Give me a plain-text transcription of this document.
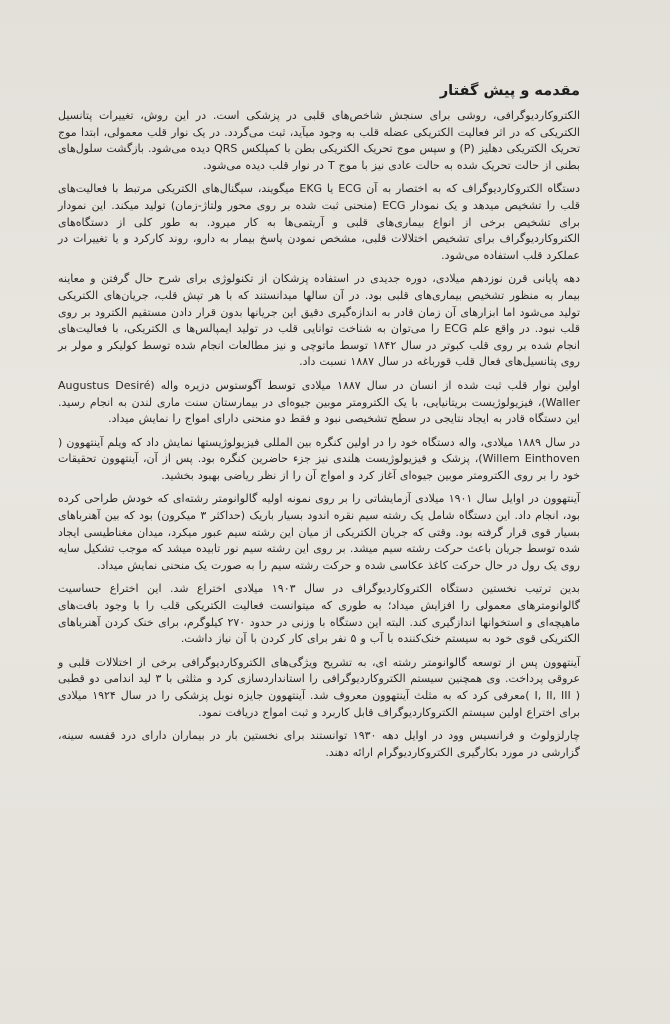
مقدمه و پیش گفتار

الکتروکاردیوگرافی، روشی برای سنجش شاخص‌های قلبی در پزشکی است. در این روش، تغییرات پتانسیل الکتریکی که در اثر فعالیت الکتریکی عضله قلب به وجود میآید، ثبت می‌گردد. در یک نوار قلب معمولی، ابتدا موج تحریک الکتریکی دهلیز (P) و سپس موج تحریک الکتریکی بطن با کمپلکس QRS دیده می‌شود. بازگشت سلول‌های بطنی از حالت تحریک شده به حالت عادی نیز با موج T در نوار قلب دیده می‌شود.

دستگاه الکتروکاردیوگراف که به اختصار به آن ECG یا EKG میگویند، سیگنال‌های الکتریکی مرتبط با فعالیت‌های قلب را تشخیص میدهد و یک نمودار ECG (منحنی ثبت شده بر روی محور ولتاژ-زمان) تولید میکند. این نمودار برای تشخیص برخی از انواع بیماری‌های قلبی و آریتمی‌ها به کار میرود. به طور کلی از دستگاه‌های الکتروکاردیوگراف برای تشخیص اختلالات قلبی، مشخص نمودن پاسخ بیمار به دارو، روند کارکرد و یا تغییرات در عملکرد قلب استفاده می‌شود.

دهه پایانی قرن نوزدهم میلادی، دوره جدیدی در استفاده پزشکان از تکنولوژی برای شرح حال گرفتن و معاینه بیمار به منظور تشخیص بیماری‌های قلبی بود. در آن سالها میدانستند که با هر تپش قلب، جریان‌های الکتریکی تولید می‌شود اما ابزارهای آن زمان قادر به اندازه‌گیری دقیق این جریانها بدون قرار دادن مستقیم الکترود بر روی قلب نبود. در واقع علم ECG را می‌توان به شناخت توانایی قلب در تولید ایمپالس‌ها ی الکتریکی، با فعالیت‌های انجام شده بر روی قلب کبوتر در سال ۱۸۴۲ توسط ماتوچی و نیز مطالعات انجام شده توسط کولیکر و مولر بر روی پتانسیل‌های فعال قلب قورباغه در سال ۱۸۸۷ نسبت داد.

اولین نوار قلب ثبت شده از انسان در سال ۱۸۸۷ میلادی توسط آگوستوس دزیره واله (Augustus Desiré Waller)، فیزیولوژیست بریتانیایی، با یک الکترومتر موبین جیوه‌ای در بیمارستان سنت ماری لندن به انجام رسید. این دستگاه قادر به ایجاد نتایجی در سطح تشخیصی نبود و فقط دو منحنی دارای امواج را نمایش میداد.

در سال ۱۸۸۹ میلادی، واله دستگاه خود را در اولین کنگره بین المللی فیزیولوژیستها نمایش داد که ویلم آینتهوون ( Willem Einthoven)، پزشک و فیزیولوژیست هلندی نیز جزء حاضرین کنگره بود. پس از آن، آینتهوون تحقیقات خود را بر روی الکترومتر موبین جیوه‌ای آغاز کرد و امواج آن را از نظر ریاضی بهبود بخشید.

آینتهوون در اوایل سال ۱۹۰۱ میلادی آزمایشاتی را بر روی نمونه اولیه گالوانومتر رشته‌ای که خودش طراحی کرده بود، انجام داد. این دستگاه شامل یک رشته سیم نقره اندود بسیار باریک (حداکثر ۳ میکرون) بود که بین آهنرباهای بسیار قوی قرار گرفته بود. وقتی که جریان الکتریکی از میان این رشته سیم عبور میکرد، میدان مغناطیسی ایجاد شده توسط جریان باعث حرکت رشته سیم میشد. بر روی این رشته سیم نور تابیده میشد که موجب تشکیل سایه روی یک رول در حال حرکت کاغذ عکاسی شده و حرکت رشته سیم را به صورت یک منحنی نمایش میداد.

بدین ترتیب نخستین دستگاه الکتروکاردیوگراف در سال ۱۹۰۳ میلادی اختراع شد. این اختراع حساسیت گالوانومترهای معمولی را افزایش میداد؛ به طوری که میتوانست فعالیت الکتریکی قلب را با وجود بافت‌های ماهیچه‌ای و استخوانها اندازگیری کند. البته این دستگاه با وزنی در حدود ۲۷۰ کیلوگرم، برای خنک کردن آهنرباهای الکتریکی قوی خود به سیستم خنک‌کننده با آب و ۵ نفر برای کار کردن با آن نیاز داشت.

آینتهوون پس از توسعه گالوانومتر رشته ای، به تشریح ویژگی‌های الکتروکاردیوگرافی برخی از اختلالات قلبی و عروقی پرداخت. وی همچنین سیستم الکتروکاردیوگرافی را استانداردسازی کرد و مثلثی با ۳ لید اندامی دو قطبی ( I, II, III )معرفی کرد که به مثلث آینتهوون معروف شد. آینتهوون جایزه نوبل پزشکی را در سال ۱۹۲۴ میلادی برای اختراع اولین سیستم الکتروکاردیوگراف قابل کاربرد و ثبت امواج دریافت نمود.

چارلزولوث و فرانسیس وود در اوایل دهه ۱۹۳۰ توانستند برای نخستین بار در بیماران دارای درد قفسه سینه، گزارشی در مورد بکارگیری الکتروکاردیوگرام ارائه دهند.
